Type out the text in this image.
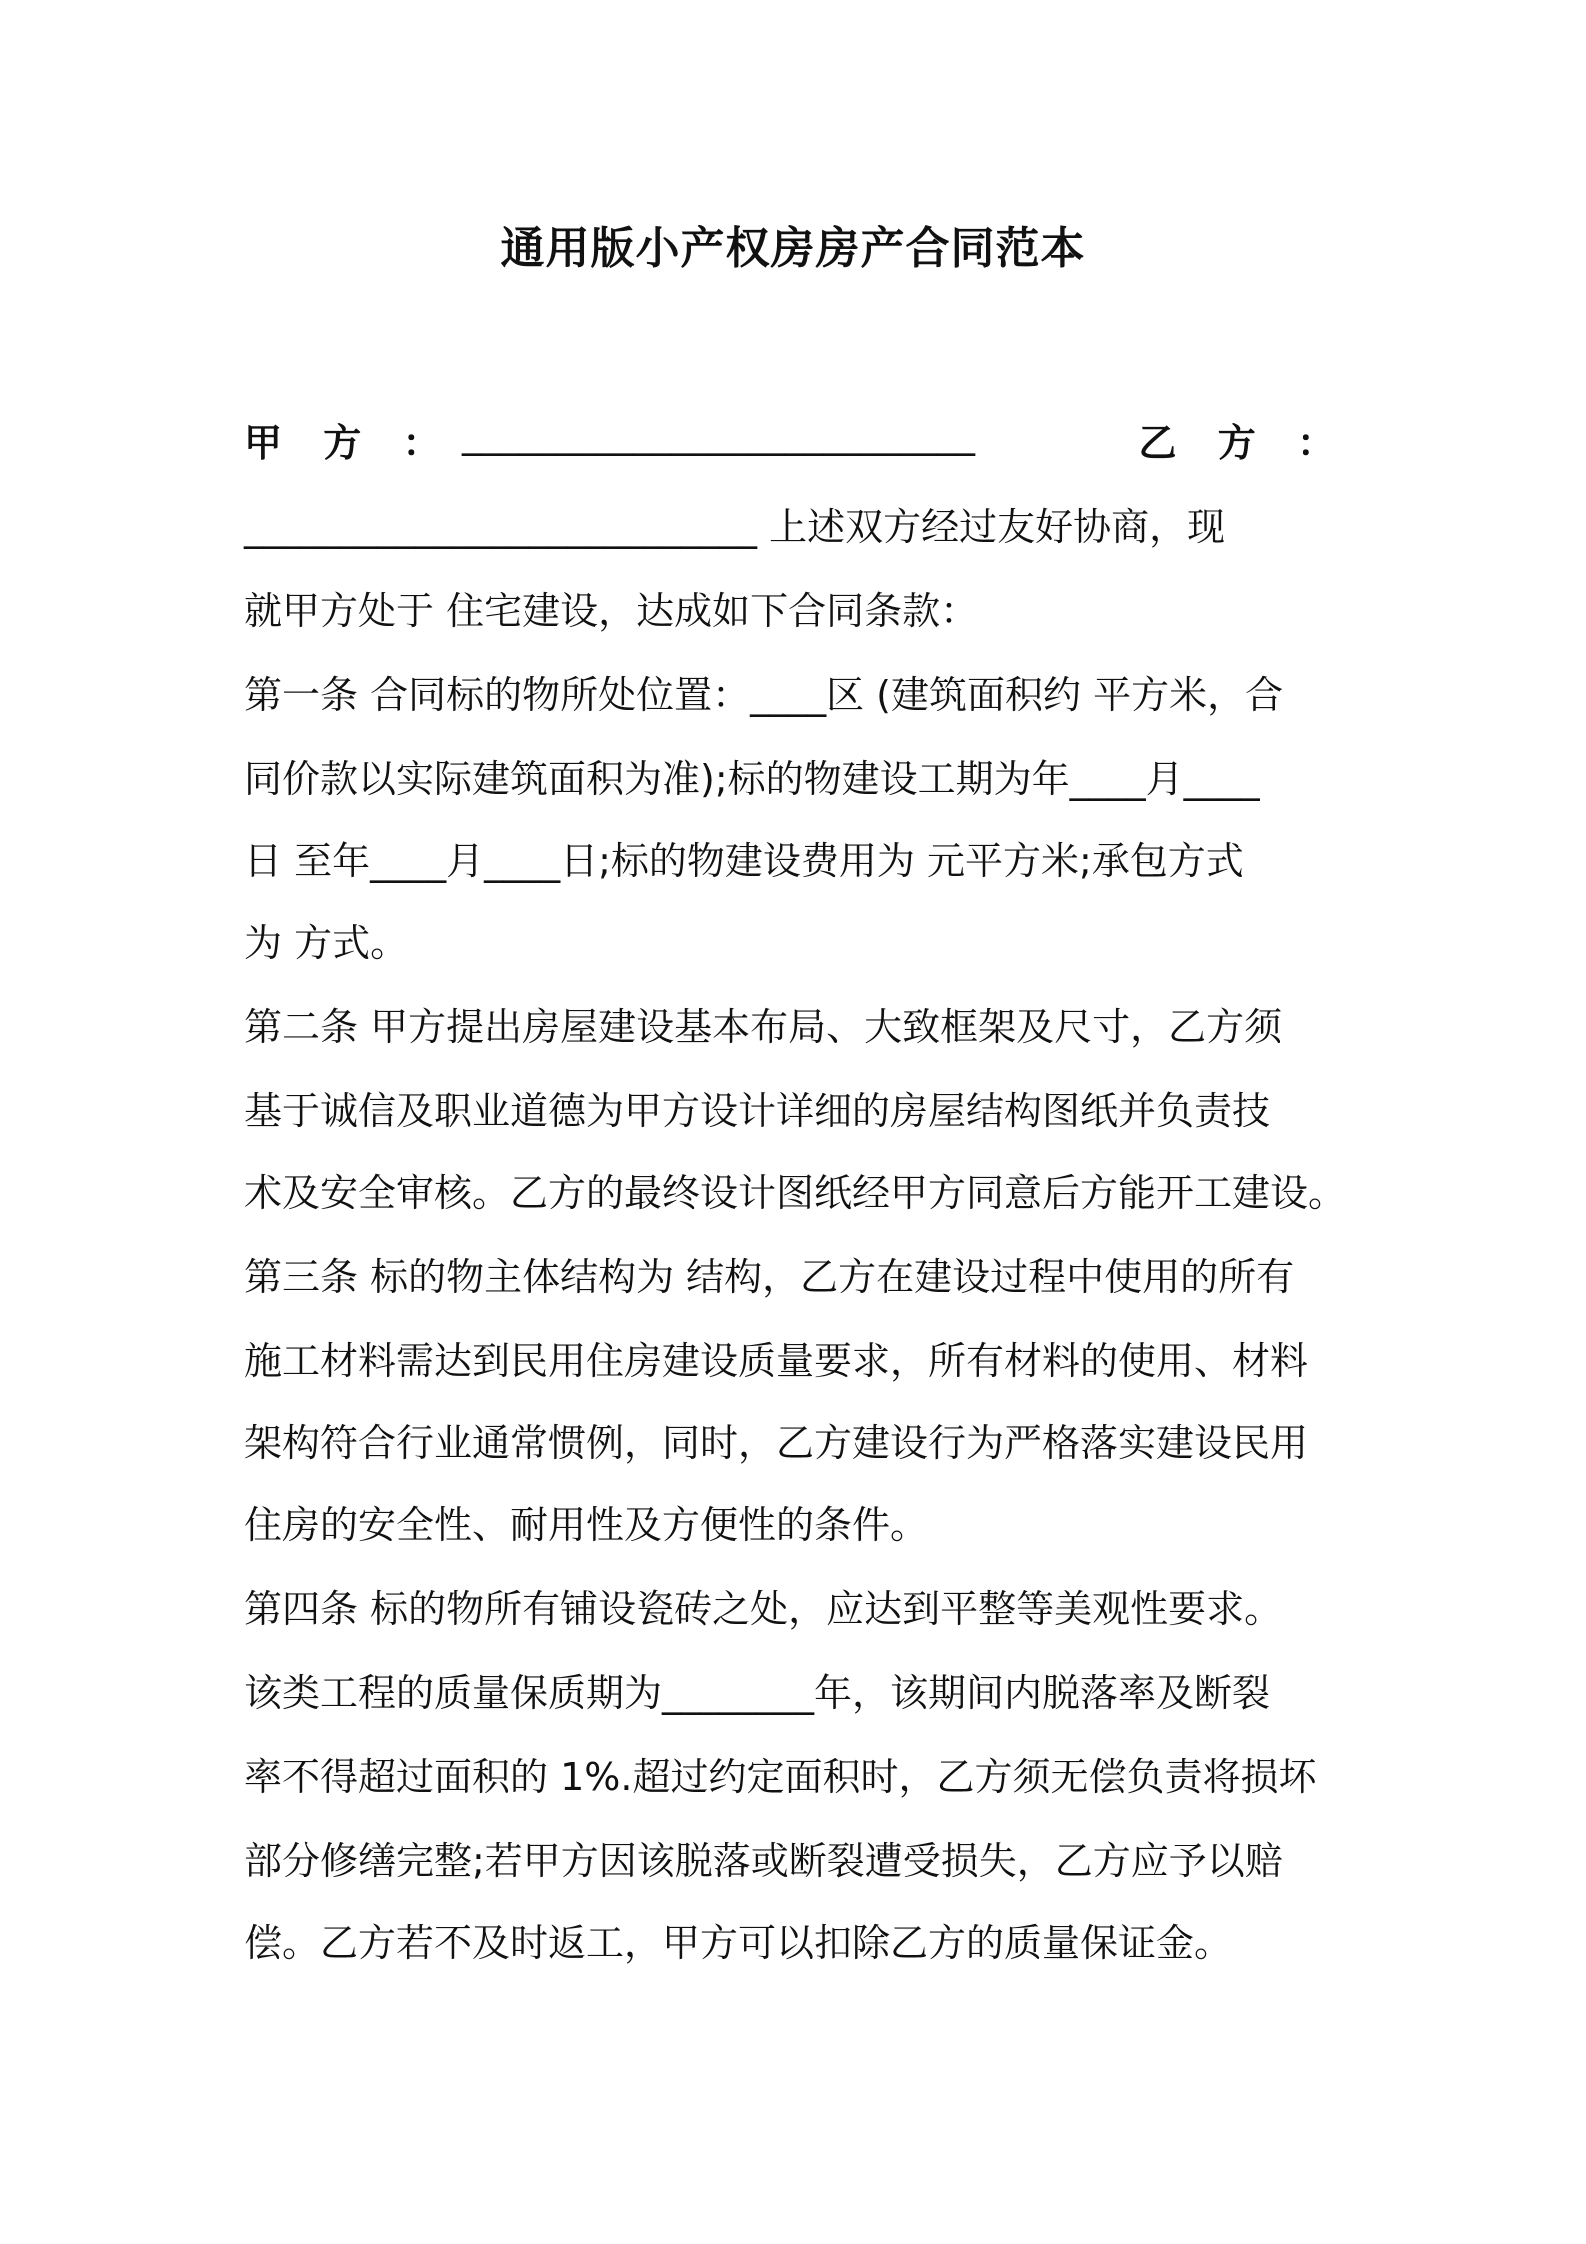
通用版小产权房房产合同范本
甲 方 ： ___________________________	乙 方 ：
___________________________ 上述双方经过友好协商，现
就甲方处于 住宅建设，达成如下合同条款：
第一条 合同标的物所处位置：____区 (建筑面积约 平方米，合
同价款以实际建筑面积为准);标的物建设工期为年____月____
日 至年____月____日;标的物建设费用为 元平方米;承包方式
为 方式。
第二条 甲方提出房屋建设基本布局、大致框架及尺寸，乙方须
基于诚信及职业道德为甲方设计详细的房屋结构图纸并负责技
术及安全审核。乙方的最终设计图纸经甲方同意后方能开工建设。
第三条 标的物主体结构为 结构，乙方在建设过程中使用的所有
施工材料需达到民用住房建设质量要求，所有材料的使用、材料
架构符合行业通常惯例，同时，乙方建设行为严格落实建设民用
住房的安全性、耐用性及方便性的条件。
第四条 标的物所有铺设瓷砖之处，应达到平整等美观性要求。
该类工程的质量保质期为________年，该期间内脱落率及断裂
率不得超过面积的 1%.超过约定面积时，乙方须无偿负责将损坏
部分修缮完整;若甲方因该脱落或断裂遭受损失，乙方应予以赔
偿。乙方若不及时返工，甲方可以扣除乙方的质量保证金。
